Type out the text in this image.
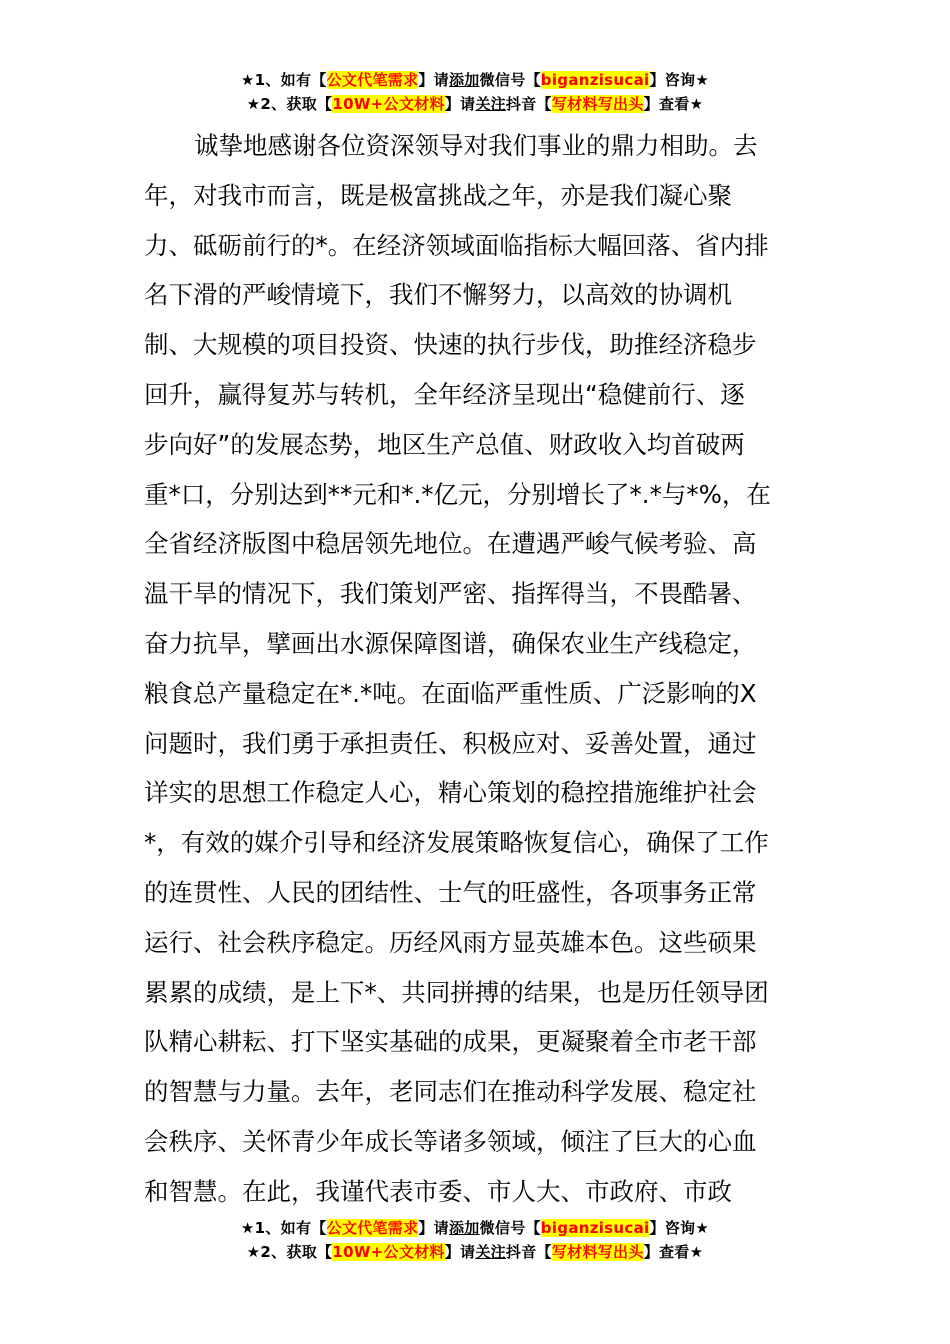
★1、如有【公文代笔需求】请添加微信号【biganzisucai】咨询★
★2、获取【10W+公文材料】请关注抖音【写材料写出头】查看★
诚挚地感谢各位资深领导对我们事业的鼎力相助。去
年，对我市而言，既是极富挑战之年，亦是我们凝心聚
力、砥砺前行的*。在经济领域面临指标大幅回落、省内排
名下滑的严峻情境下，我们不懈努力，以高效的协调机
制、大规模的项目投资、快速的执行步伐，助推经济稳步
回升，赢得复苏与转机，全年经济呈现出“稳健前行、逐
步向好”的发展态势，地区生产总值、财政收入均首破两
重*口，分别达到**元和*.*亿元，分别增长了*.*与*%，在
全省经济版图中稳居领先地位。在遭遇严峻气候考验、高
温干旱的情况下，我们策划严密、指挥得当，不畏酷暑、
奋力抗旱，擘画出水源保障图谱，确保农业生产线稳定，
粮食总产量稳定在*.*吨。在面临严重性质、广泛影响的X
问题时，我们勇于承担责任、积极应对、妥善处置，通过
详实的思想工作稳定人心，精心策划的稳控措施维护社会
*，有效的媒介引导和经济发展策略恢复信心，确保了工作
的连贯性、人民的团结性、士气的旺盛性，各项事务正常
运行、社会秩序稳定。历经风雨方显英雄本色。这些硕果
累累的成绩，是上下*、共同拼搏的结果，也是历任领导团
队精心耕耘、打下坚实基础的成果，更凝聚着全市老干部
的智慧与力量。去年，老同志们在推动科学发展、稳定社
会秩序、关怀青少年成长等诸多领域，倾注了巨大的心血
和智慧。在此，我谨代表市委、市人大、市政府、市政
★1、如有【公文代笔需求】请添加微信号【biganzisucai】咨询★
★2、获取【10W+公文材料】请关注抖音【写材料写出头】查看★
